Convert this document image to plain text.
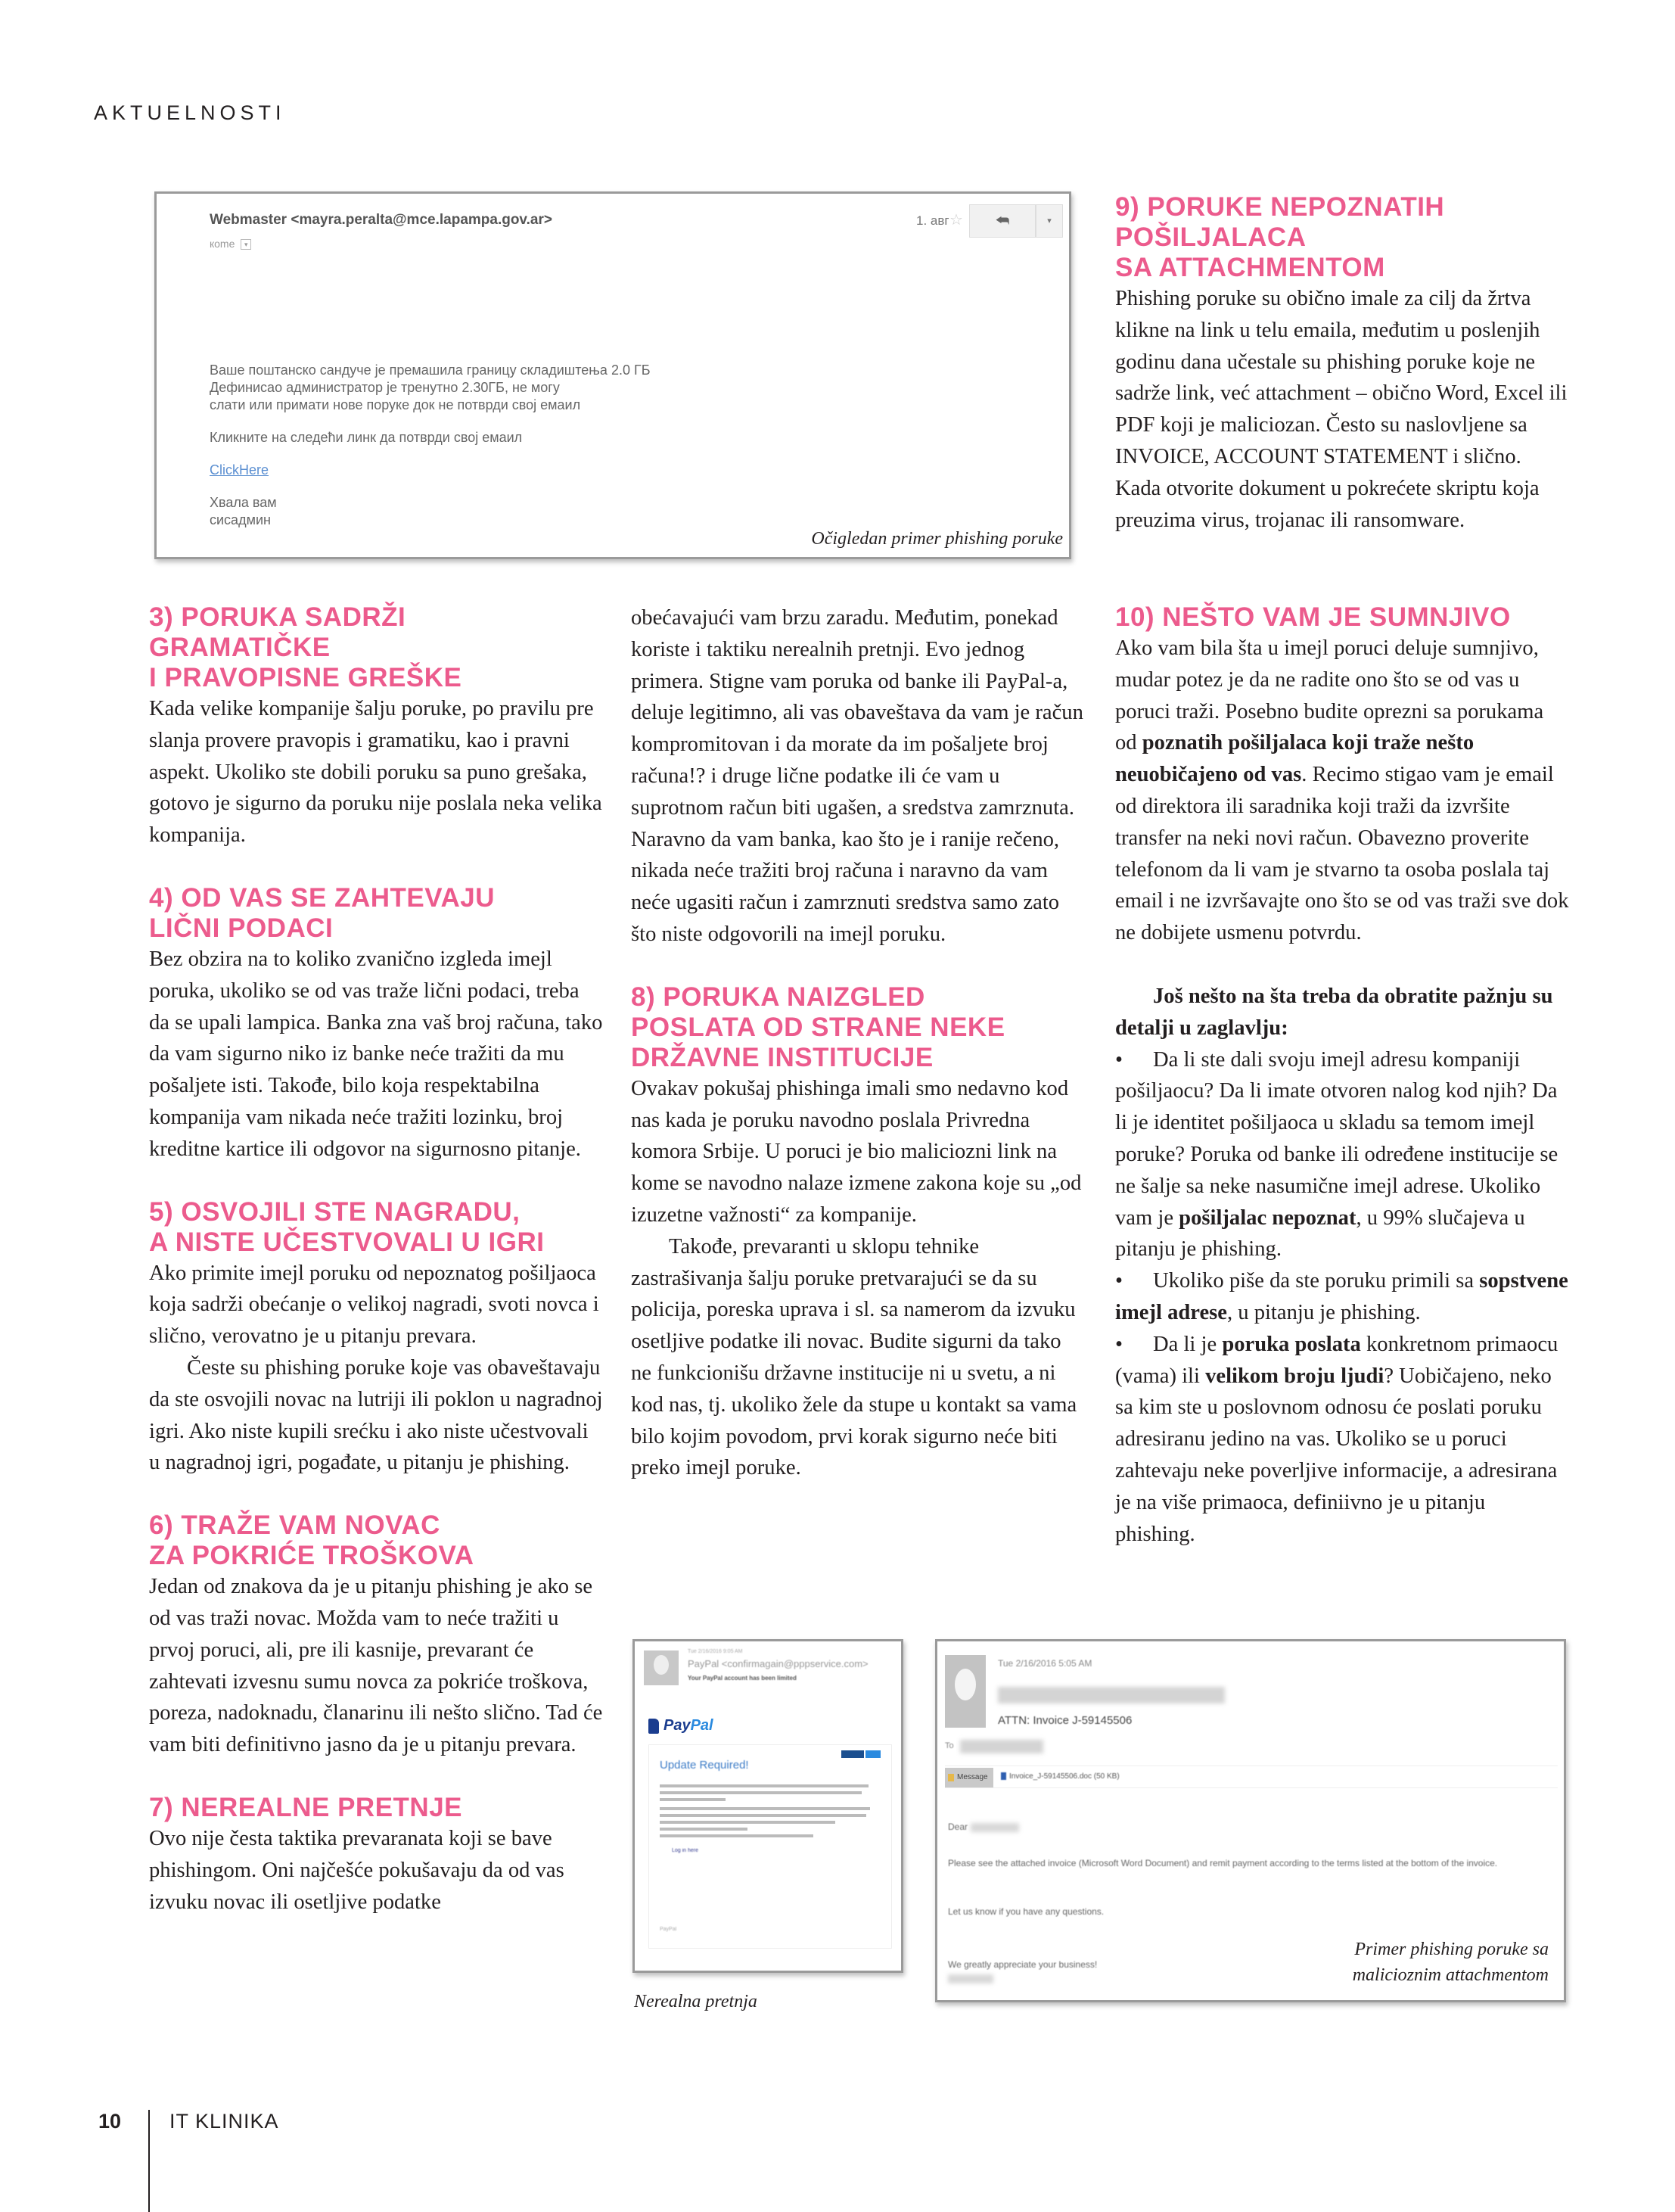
AKTUELNOSTI
Webmaster <mayra.peralta@mce.lapampa.gov.ar>
кome ▾
1. авг ☆	⮪	▾
Ваше поштанско сандуче је премашила границу складиштења 2.0 ГБ
Дефинисао администратор је тренутно 2.30ГБ, не могу
слати или примати нове поруке док не потврди свој емаил
Кликните на следећи линк да потврди свој емаил
ClickHere
Хвала вам
сисадмин
Očigledan primer phishing poruke
9) PORUKE NEPOZNATIH
POŠILJALACA
SA ATTACHMENTOM

Phishing poruke su obično imale za cilj da žrtva klikne na link u telu emaila, međutim u poslenjih godinu dana učestale su phishing poruke koje ne sadrže link, već attachment – obično Word, Excel ili PDF koji je maliciozan. Često su naslovljene sa INVOICE, ACCOUNT STATEMENT i slično. Kada otvorite dokument u pokrećete skriptu koja preuzima virus, trojanac ili ransomware.

3) PORUKA SADRŽI
GRAMATIČKE
I PRAVOPISNE GREŠKE

Kada velike kompanije šalju poruke, po pravilu pre slanja provere pravopis i gramatiku, kao i pravni aspekt. Ukoliko ste dobili poruku sa puno grešaka, gotovo je sigurno da poruku nije poslala neka velika kompanija.

4) OD VAS SE ZAHTEVAJU
LIČNI PODACI

Bez obzira na to koliko zvanično izgleda imejl poruka, ukoliko se od vas traže lični podaci, treba da se upali lampica. Banka zna vaš broj računa, tako da vam sigurno niko iz banke neće tražiti da mu pošaljete isti. Takođe, bilo koja respektabilna kompanija vam nikada neće tražiti lozinku, broj kreditne kartice ili odgovor na sigurnosno pitanje.

5) OSVOJILI STE NAGRADU,
A NISTE UČESTVOVALI U IGRI

Ako primite imejl poruku od nepoznatog pošiljaoca koja sadrži obećanje o velikoj nagradi, svoti novca i slično, verovatno je u pitanju prevara.

Česte su phishing poruke koje vas obaveštavaju da ste osvojili novac na lutriji ili poklon u nagradnoj igri. Ako niste kupili srećku i ako niste učestvovali u nagradnoj igri, pogađate, u pitanju je phishing.

6) TRAŽE VAM NOVAC
ZA POKRIĆE TROŠKOVA

Jedan od znakova da je u pitanju phishing je ako se od vas traži novac. Možda vam to neće tražiti u prvoj poruci, ali, pre ili kasnije, prevarant će zahtevati izvesnu sumu novca za pokriće troškova, poreza, nadoknadu, članarinu ili nešto slično. Tad će vam biti definitivno jasno da je u pitanju prevara.

7) NEREALNE PRETNJE

Ovo nije česta taktika prevaranata koji se bave phishingom. Oni najčešće pokušavaju da od vas izvuku novac ili osetljive podatke

obećavajući vam brzu zaradu. Međutim, ponekad koriste i taktiku nerealnih pretnji. Evo jednog primera. Stigne vam poruka od banke ili PayPal-a, deluje legitimno, ali vas obaveštava da vam je račun kompromitovan i da morate da im pošaljete broj računa!? i druge lične podatke ili će vam u suprotnom račun biti ugašen, a sredstva zamrznuta. Naravno da vam banka, kao što je i ranije rečeno, nikada neće tražiti broj računa i naravno da vam neće ugasiti račun i zamrznuti sredstva samo zato što niste odgovorili na imejl poruku.

8) PORUKA NAIZGLED
POSLATA OD STRANE NEKE
DRŽAVNE INSTITUCIJE

Ovakav pokušaj phishinga imali smo nedavno kod nas kada je poruku navodno poslala Privredna komora Srbije. U poruci je bio maliciozni link na kome se navodno nalaze izmene zakona koje su „od izuzetne važnosti“ za kompanije.

Takođe, prevaranti u sklopu tehnike zastrašivanja šalju poruke pretvarajući se da su policija, poreska uprava i sl. sa namerom da izvuku osetljive podatke ili novac. Budite sigurni da tako ne funkcionišu državne institucije ni u svetu, a ni kod nas, tj. ukoliko žele da stupe u kontakt sa vama bilo kojim povodom, prvi korak sigurno neće biti preko imejl poruke.

10) NEŠTO VAM JE SUMNJIVO

Ako vam bila šta u imejl poruci deluje sumnjivo, mudar potez je da ne radite ono što se od vas u poruci traži. Posebno budite oprezni sa porukama od poznatih pošiljalaca koji traže nešto neuobičajeno od vas. Recimo stigao vam je email od direktora ili saradnika koji traži da izvršite transfer na neki novi račun. Obavezno proverite telefonom da li vam je stvarno ta osoba poslala taj email i ne izvršavajte ono što se od vas traži sve dok ne dobijete usmenu potvrdu.

Još nešto na šta treba da obratite pažnju su detalji u zaglavlju:

• Da li ste dali svoju imejl adresu kompaniji pošiljaocu? Da li imate otvoren nalog kod njih? Da li je identitet pošiljaoca u skladu sa temom imejl poruke? Poruka od banke ili određene institucije se ne šalje sa neke nasumične imejl adrese. Ukoliko vam je pošiljalac nepoznat, u 99% slučajeva u pitanju je phishing.
• Ukoliko piše da ste poruku primili sa sopstvene imejl adrese, u pitanju je phishing.
• Da li je poruka poslata konkretnom primaocu (vama) ili velikom broju ljudi? Uobičajeno, neko sa kim ste u poslovnom odnosu će poslati poruku adresiranu jedino na vas. Ukoliko se u poruci zahtevaju neke poverljive informacije, a adresirana je na više primaoca, definiivno je u pitanju phishing.
Tue 2/16/2016 9:05 AM
PayPal <confirmagain@pppservice.com>
Your PayPal account has been limited
PayPal
Update Required!
Log in here
PayPal
Nerealna pretnja
Tue 2/16/2016 5:05 AM
ATTN: Invoice J-59145506
To
Message	Invoice_J-59145506.doc (50 KB)
Dear
Please see the attached invoice (Microsoft Word Document) and remit payment according to the terms listed at the bottom of the invoice.
Let us know if you have any questions.
We greatly appreciate your business!
Primer phishing poruke sa
malicioznim attachmentom
10 IT KLINIKA
